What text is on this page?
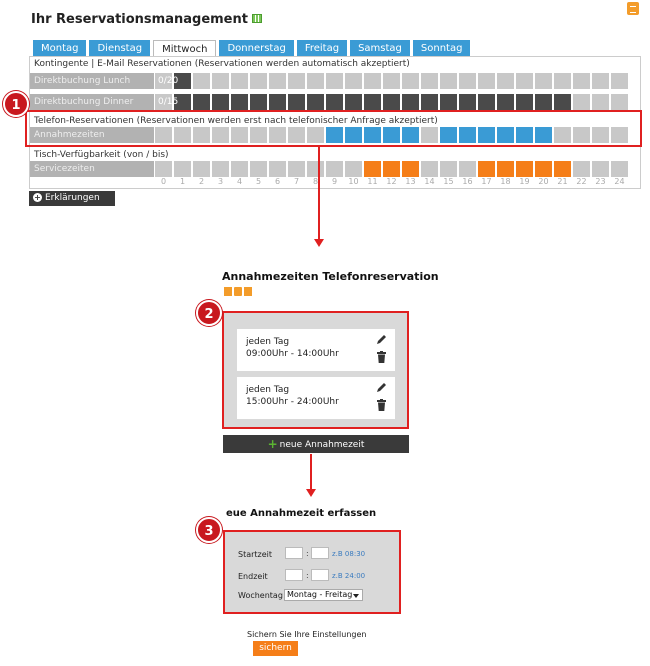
Ihr Reservationsmanagement
Montag	Dienstag	Mittwoch	Donnerstag	Freitag	Samstag	Sonntag
Kontingente | E-Mail Reservationen (Reservationen werden automatisch akzeptiert)
Direktbuchung Lunch	0/20
Direktbuchung Dinner	0/15
Telefon-Reservationen (Reservationen werden erst nach telefonischer Anfrage akzeptiert)
Annahmezeiten
Tisch-Verfügbarkeit (von / bis)
Servicezeiten
0	1	2	3	4	5	6	7	8	9	10	11	12	13	14	15	16	17	18	19	20	21	22	23	24
1
+ Erklärungen
Annahmezeiten Telefonreservation
jeden Tag
09:00Uhr - 14:00Uhr
jeden Tag
15:00Uhr - 24:00Uhr
2
+ neue Annahmezeit
eue Annahmezeit erfassen
Startzeit	:	z.B 08:30
Endzeit	:	z.B 24:00
Wochentag Montag - Freitag
3
Sichern Sie Ihre Einstellungen
sichern
